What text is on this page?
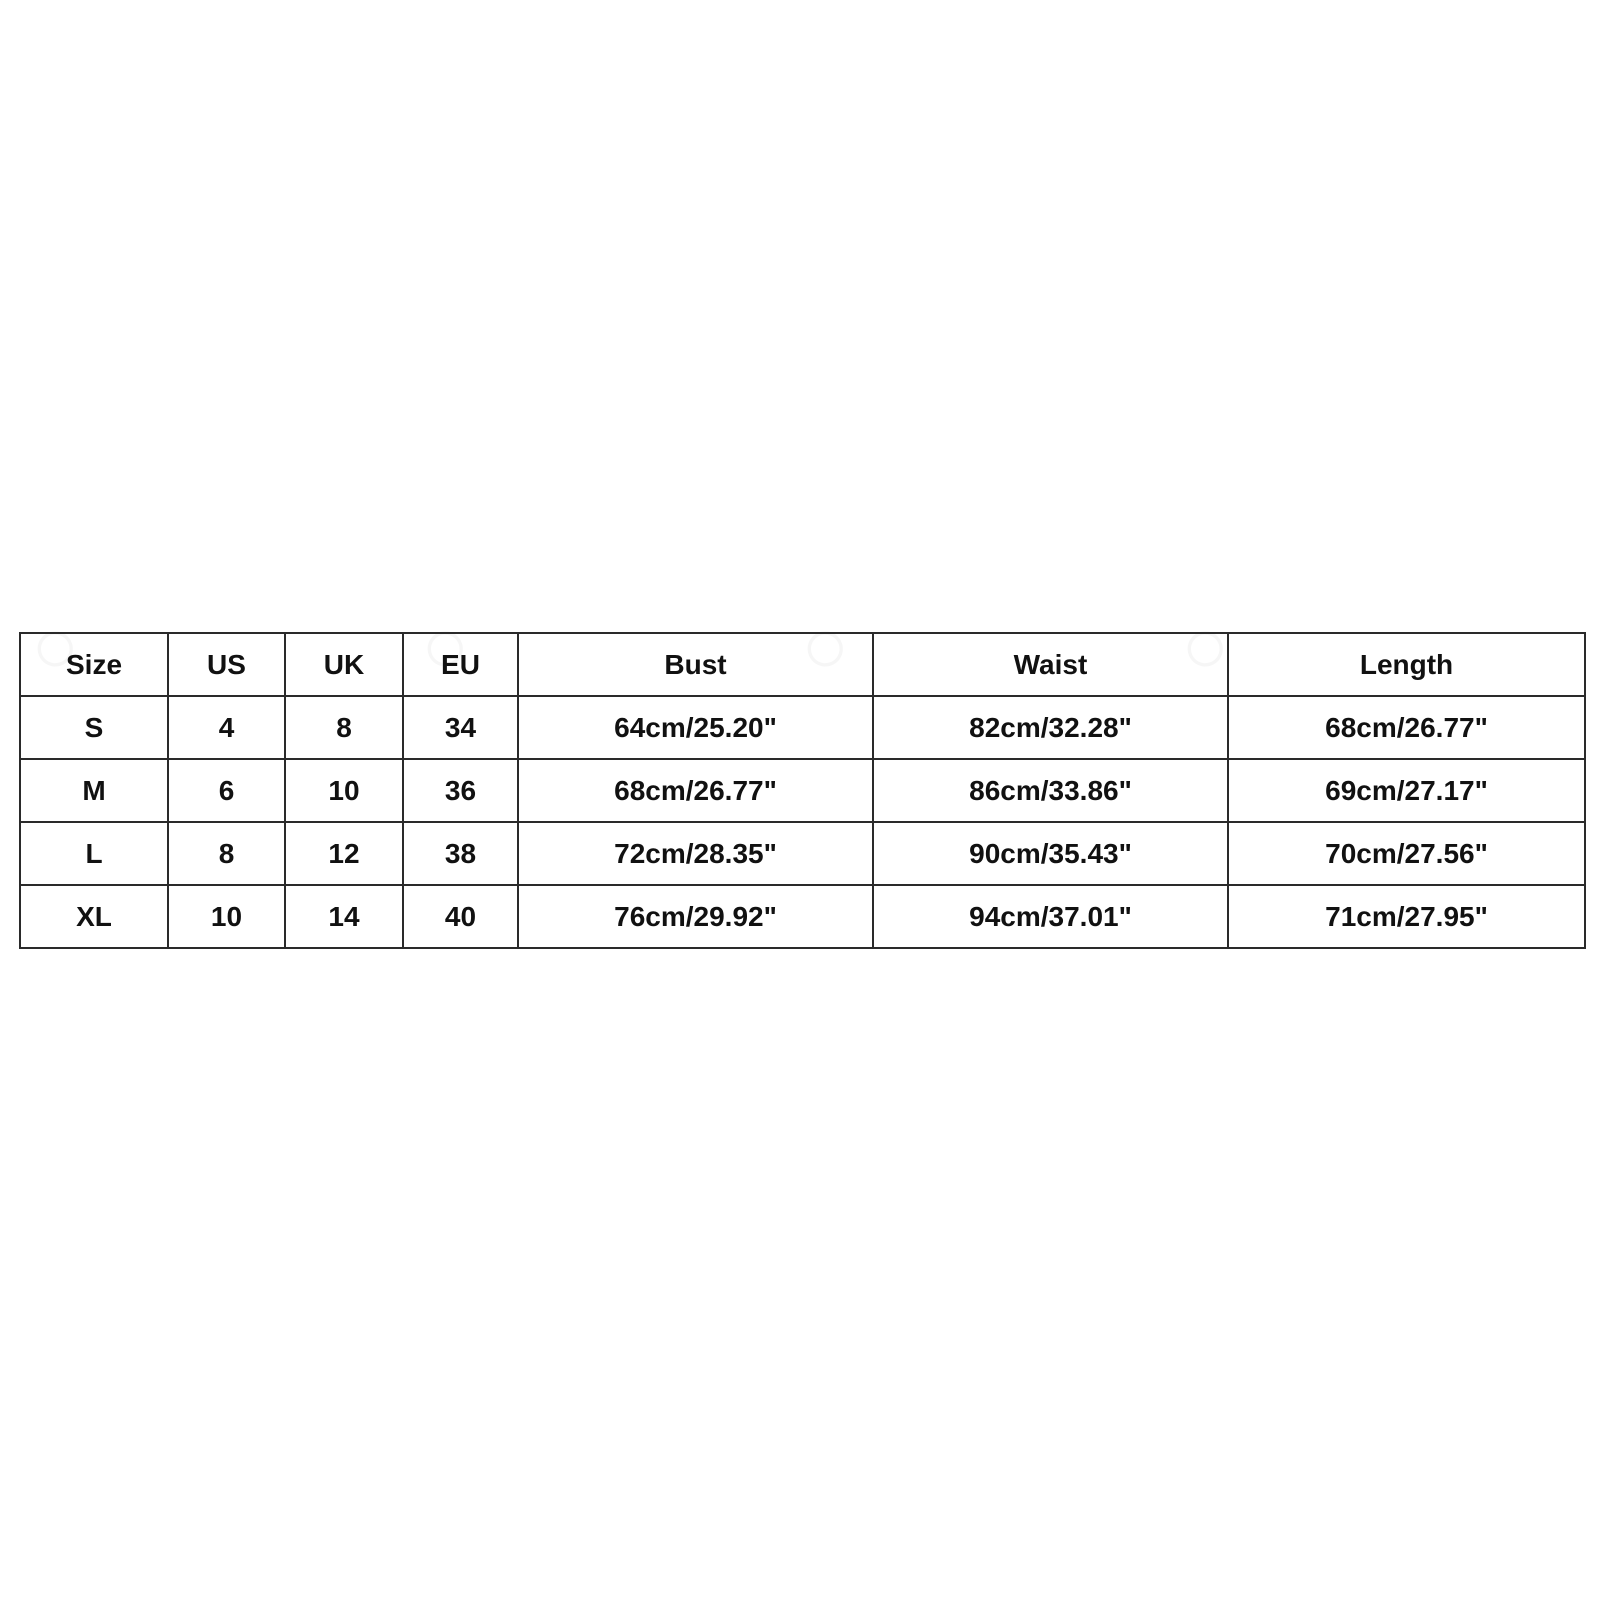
Size	US	UK	EU	Bust	Waist	Length
S	4	8	34	64cm/25.20"	82cm/32.28"	68cm/26.77"
M	6	10	36	68cm/26.77"	86cm/33.86"	69cm/27.17"
L	8	12	38	72cm/28.35"	90cm/35.43"	70cm/27.56"
XL	10	14	40	76cm/29.92"	94cm/37.01"	71cm/27.95"
